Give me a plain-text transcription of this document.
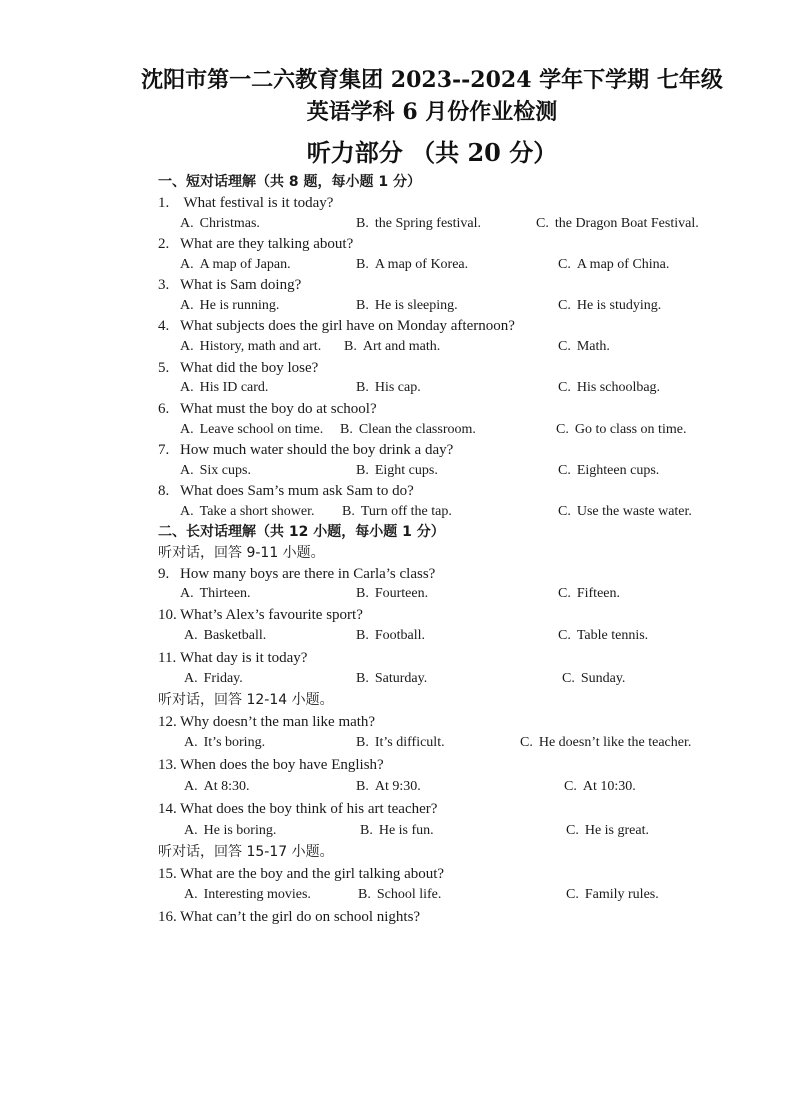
沈阳市第一二六教育集团 2023--2024 学年下学期 七年级
英语学科 6 月份作业检测
听力部分 （共 20 分）
一、短对话理解（共 8 题，每小题 1 分）
1. What festival is it today?
A. Christmas.	B. the Spring festival.	C. the Dragon Boat Festival.
2. What are they talking about?
A. A map of Japan.	B. A map of Korea.	C. A map of China.
3. What is Sam doing?
A. He is running.	B. He is sleeping.	C. He is studying.
4. What subjects does the girl have on Monday afternoon?
A. History, math and art. B. Art and math.	C. Math.
5. What did the boy lose?
A. His ID card.	B. His cap.	C. His schoolbag.
6. What must the boy do at school?
A. Leave school on time. B. Clean the classroom.	C. Go to class on time.
7. How much water should the boy drink a day?
A. Six cups.	B. Eight cups.	C. Eighteen cups.
8. What does Sam’s mum ask Sam to do?
A. Take a short shower. B. Turn off the tap.	C. Use the waste water.
二、长对话理解（共 12 小题，每小题 1 分）
听对话，回答 9-11 小题。
9. How many boys are there in Carla’s class?
A. Thirteen.	B. Fourteen.	C. Fifteen.
10. What’s Alex’s favourite sport?
A. Basketball.	B. Football.	C. Table tennis.
11. What day is it today?
A. Friday.	B. Saturday.	C. Sunday.
听对话，回答 12-14 小题。
12. Why doesn’t the man like math?
A. It’s boring.	B. It’s difficult.	C. He doesn’t like the teacher.
13. When does the boy have English?
A. At 8:30.	B. At 9:30.	C. At 10:30.
14. What does the boy think of his art teacher?
A. He is boring.	B. He is fun.	C. He is great.
听对话，回答 15-17 小题。
15. What are the boy and the girl talking about?
A. Interesting movies.	B. School life.	C. Family rules.
16. What can’t the girl do on school nights?
